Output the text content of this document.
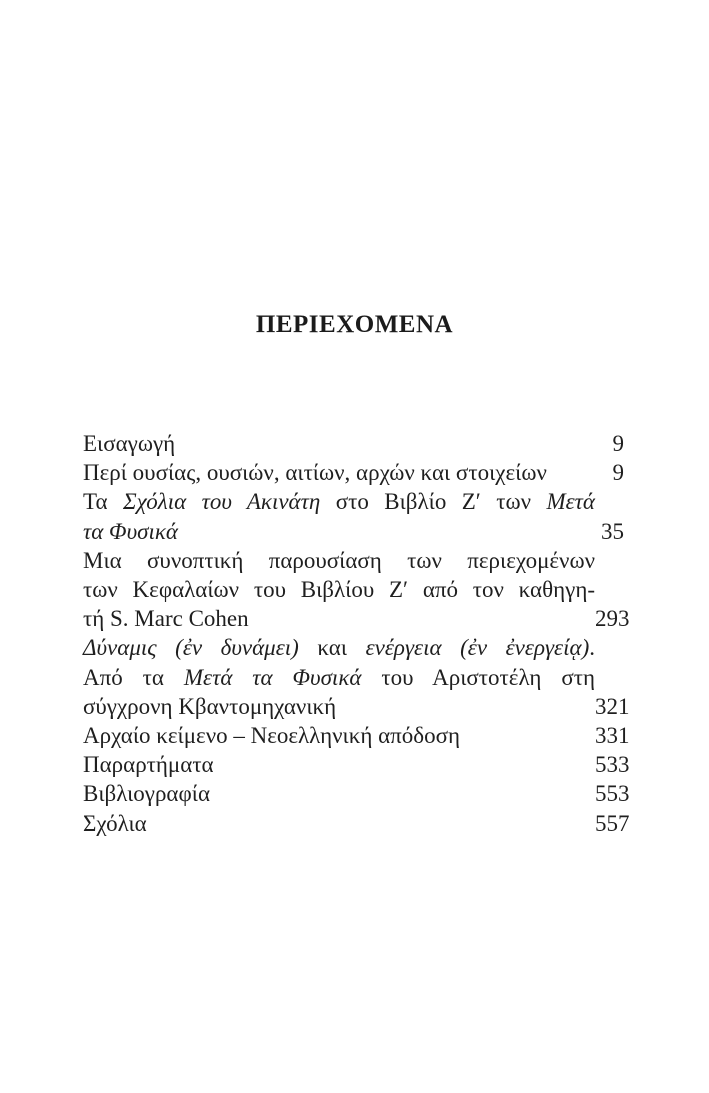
ΠΕΡΙΕΧΟΜΕΝΑ
Εισαγωγή	9
Περί ουσίας, ουσιών, αιτίων, αρχών και στοιχείων	9
Τα Σχόλια του Ακινάτη στο Βιβλίο Ζ′ των Μετά
τα Φυσικά	35
Μια συνοπτική παρουσίαση των περιεχομένων
των Κεφαλαίων του Βιβλίου Ζ′ από τον καθηγη-
τή S. Marc Cohen	293
Δύναμις (ἐν δυνάμει) και ενέργεια (ἐν ἐνεργείᾳ).
Από τα Μετά τα Φυσικά του Αριστοτέλη στη
σύγχρονη Κβαντομηχανική	321
Αρχαίο κείμενο – Νεοελληνική απόδοση	331
Παραρτήματα	533
Βιβλιογραφία	553
Σχόλια	557
